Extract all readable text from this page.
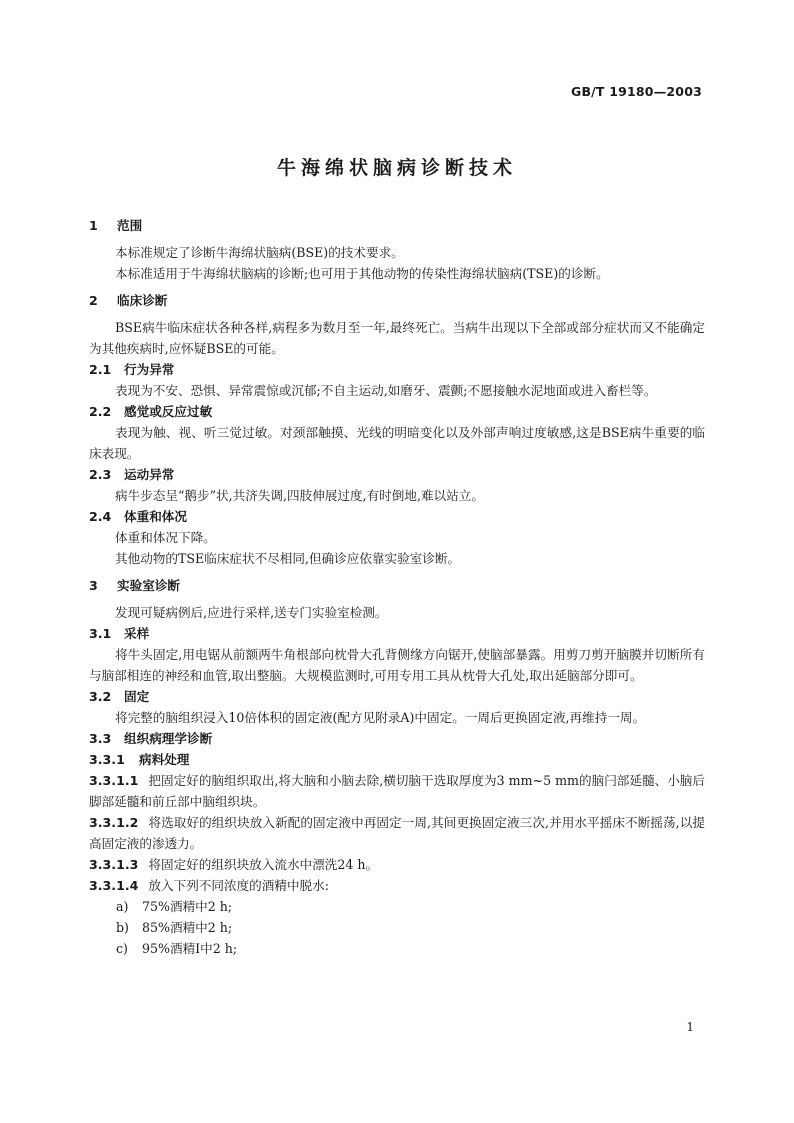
GB/T 19180—2003
牛海绵状脑病诊断技术
1 范围
本标准规定了诊断牛海绵状脑病(BSE)的技术要求。
本标准适用于牛海绵状脑病的诊断;也可用于其他动物的传染性海绵状脑病(TSE)的诊断。
2 临床诊断
BSE病牛临床症状各种各样,病程多为数月至一年,最终死亡。当病牛出现以下全部或部分症状而又不能确定为其他疾病时,应怀疑BSE的可能。
2.1 行为异常
表现为不安、恐惧、异常震惊或沉郁;不自主运动,如磨牙、震颤;不愿接触水泥地面或进入畜栏等。
2.2 感觉或反应过敏
表现为触、视、听三觉过敏。对颈部触摸、光线的明暗变化以及外部声响过度敏感,这是BSE病牛重要的临床表现。
2.3 运动异常
病牛步态呈“鹅步”状,共济失调,四肢伸展过度,有时倒地,难以站立。
2.4 体重和体况
体重和体况下降。
其他动物的TSE临床症状不尽相同,但确诊应依靠实验室诊断。
3 实验室诊断
发现可疑病例后,应进行采样,送专门实验室检测。
3.1 采样
将牛头固定,用电锯从前额两牛角根部向枕骨大孔背侧缘方向锯开,使脑部暴露。用剪刀剪开脑膜并切断所有与脑部相连的神经和血管,取出整脑。大规模监测时,可用专用工具从枕骨大孔处,取出延脑部分即可。
3.2 固定
将完整的脑组织浸入10倍体积的固定液(配方见附录A)中固定。一周后更换固定液,再维持一周。
3.3 组织病理学诊断
3.3.1 病料处理
3.3.1.1 把固定好的脑组织取出,将大脑和小脑去除,横切脑干选取厚度为3 mm~5 mm的脑闩部延髓、小脑后脚部延髓和前丘部中脑组织块。
3.3.1.2 将选取好的组织块放入新配的固定液中再固定一周,其间更换固定液三次,并用水平摇床不断摇荡,以提高固定液的渗透力。
3.3.1.3 将固定好的组织块放入流水中漂洗24 h。
3.3.1.4 放入下列不同浓度的酒精中脱水:
a) 75%酒精中2 h;
b) 85%酒精中2 h;
c) 95%酒精Ⅰ中2 h;
1
